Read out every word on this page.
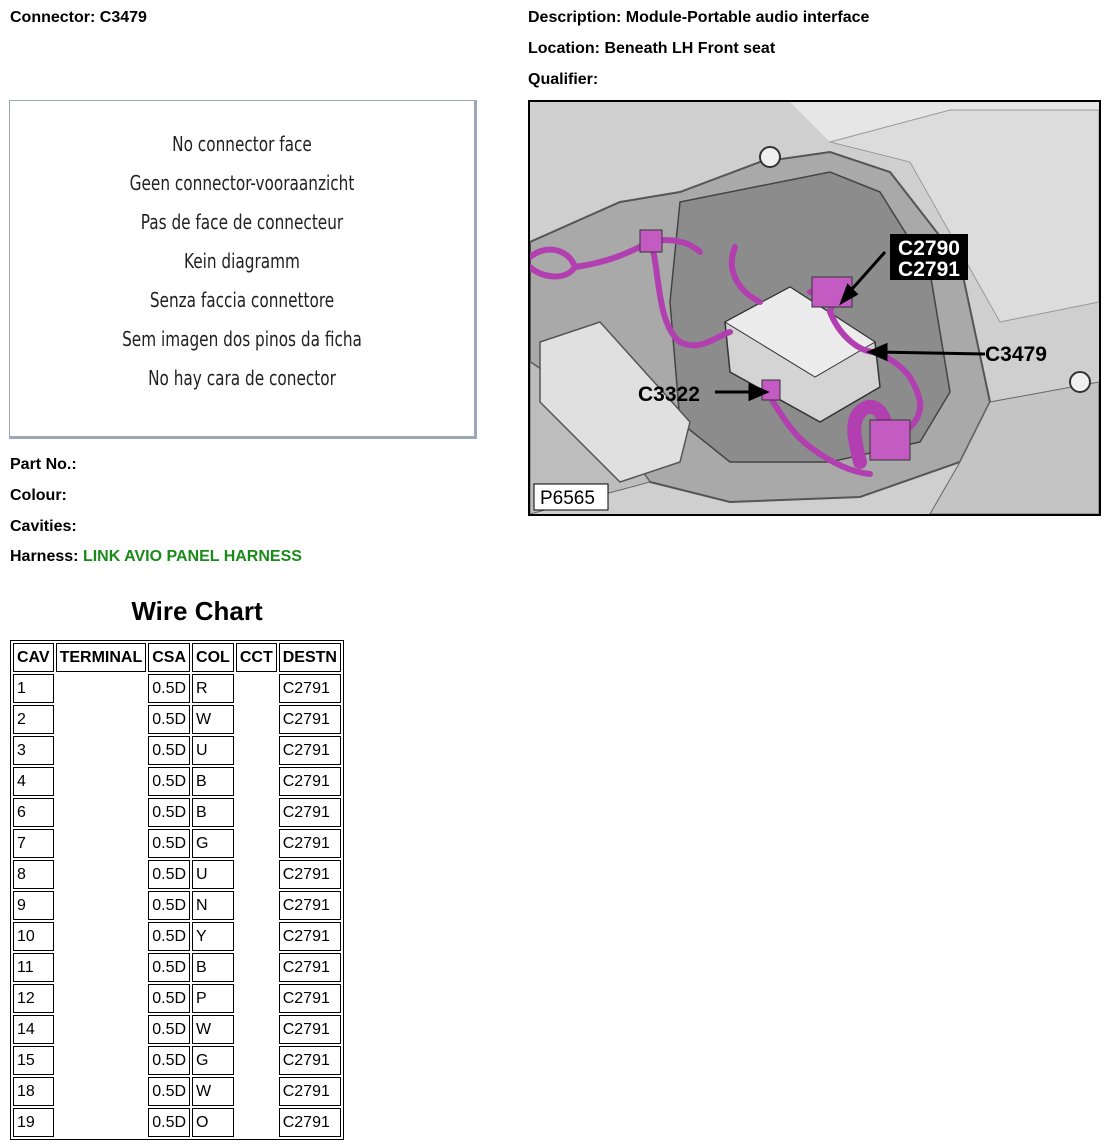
Connector: C3479	Description: Module-Portable audio interface
Location: Beneath LH Front seat
Qualifier:
No connector face
Geen connector-vooraanzicht
Pas de face de connecteur
Kein diagramm
Senza faccia connettore
Sem imagen dos pinos da ficha
No hay cara de conector
C2790
C2791
C3479
C3322
P6565
Part No.:
Colour:
Cavities:
Harness: LINK AVIO PANEL HARNESS
Wire Chart
CAV	TERMINAL	CSA	COL	CCT	DESTN
1		0.5D	R		C2791
2		0.5D	W		C2791
3		0.5D	U		C2791
4		0.5D	B		C2791
6		0.5D	B		C2791
7		0.5D	G		C2791
8		0.5D	U		C2791
9		0.5D	N		C2791
10		0.5D	Y		C2791
11		0.5D	B		C2791
12		0.5D	P		C2791
14		0.5D	W		C2791
15		0.5D	G		C2791
18		0.5D	W		C2791
19		0.5D	O		C2791
